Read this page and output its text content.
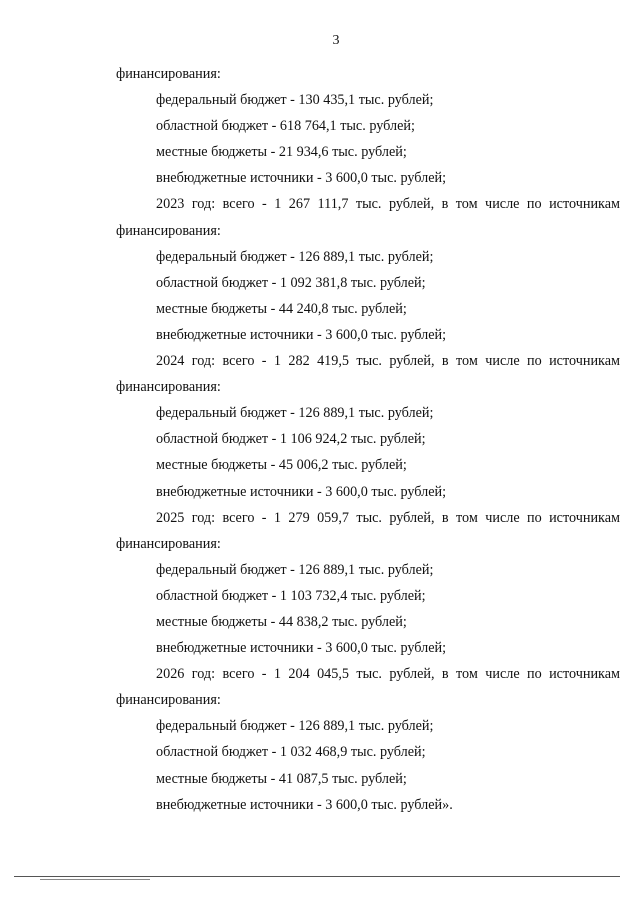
3
финансирования:
федеральный бюджет - 130 435,1 тыс. рублей;
областной бюджет - 618 764,1 тыс. рублей;
местные бюджеты - 21 934,6 тыс. рублей;
внебюджетные источники - 3 600,0 тыс. рублей;
2023 год: всего - 1 267 111,7 тыс. рублей, в том числе по источникам
финансирования:
федеральный бюджет - 126 889,1 тыс. рублей;
областной бюджет - 1 092 381,8 тыс. рублей;
местные бюджеты - 44 240,8 тыс. рублей;
внебюджетные источники - 3 600,0 тыс. рублей;
2024 год: всего - 1 282 419,5 тыс. рублей, в том числе по источникам
финансирования:
федеральный бюджет - 126 889,1 тыс. рублей;
областной бюджет - 1 106 924,2 тыс. рублей;
местные бюджеты - 45 006,2 тыс. рублей;
внебюджетные источники - 3 600,0 тыс. рублей;
2025 год: всего - 1 279 059,7 тыс. рублей, в том числе по источникам
финансирования:
федеральный бюджет - 126 889,1 тыс. рублей;
областной бюджет - 1 103 732,4 тыс. рублей;
местные бюджеты - 44 838,2 тыс. рублей;
внебюджетные источники - 3 600,0 тыс. рублей;
2026 год: всего - 1 204 045,5 тыс. рублей, в том числе по источникам
финансирования:
федеральный бюджет - 126 889,1 тыс. рублей;
областной бюджет - 1 032 468,9 тыс. рублей;
местные бюджеты - 41 087,5 тыс. рублей;
внебюджетные источники - 3 600,0 тыс. рублей».
